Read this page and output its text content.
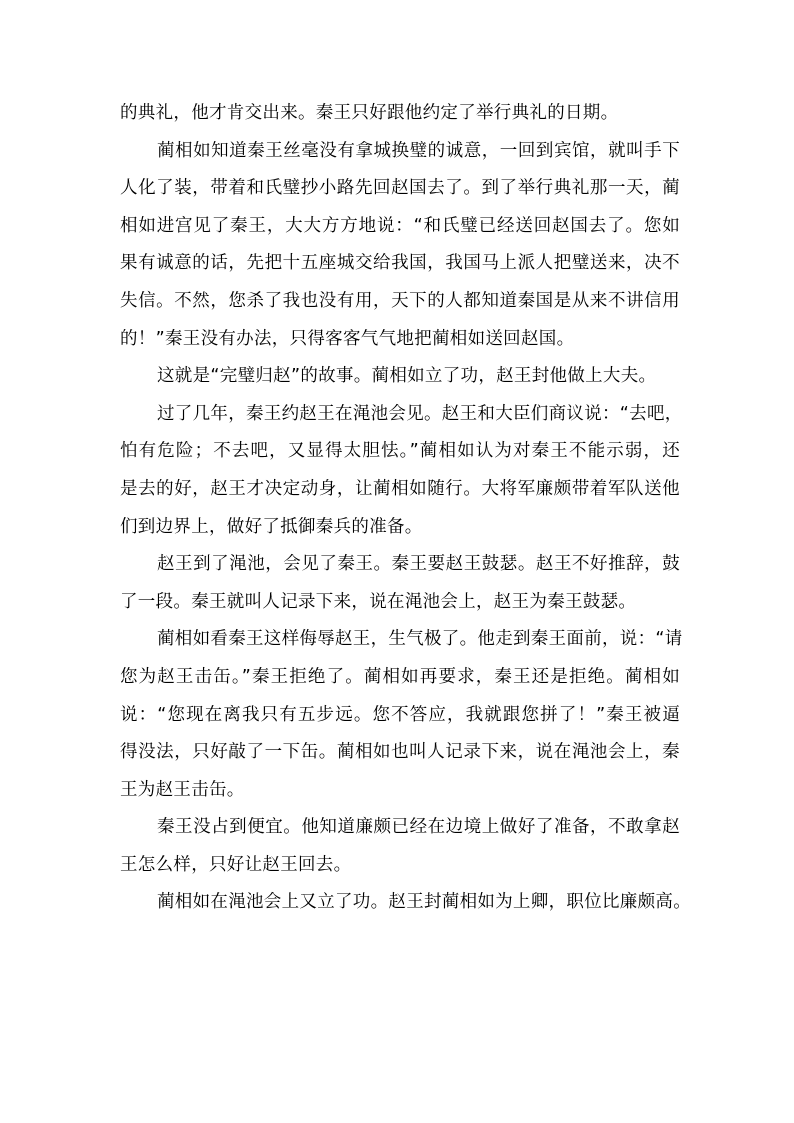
的典礼，他才肯交出来。秦王只好跟他约定了举行典礼的日期。
蔺相如知道秦王丝毫没有拿城换璧的诚意，一回到宾馆，就叫手下
人化了装，带着和氏璧抄小路先回赵国去了。到了举行典礼那一天，蔺
相如进宫见了秦王，大大方方地说：“和氏璧已经送回赵国去了。您如
果有诚意的话，先把十五座城交给我国，我国马上派人把璧送来，决不
失信。不然，您杀了我也没有用，天下的人都知道秦国是从来不讲信用
的！”秦王没有办法，只得客客气气地把蔺相如送回赵国。
这就是“完璧归赵”的故事。蔺相如立了功，赵王封他做上大夫。
过了几年，秦王约赵王在渑池会见。赵王和大臣们商议说：“去吧，
怕有危险；不去吧，又显得太胆怯。”蔺相如认为对秦王不能示弱，还
是去的好，赵王才决定动身，让蔺相如随行。大将军廉颇带着军队送他
们到边界上，做好了抵御秦兵的准备。
赵王到了渑池，会见了秦王。秦王要赵王鼓瑟。赵王不好推辞，鼓
了一段。秦王就叫人记录下来，说在渑池会上，赵王为秦王鼓瑟。
蔺相如看秦王这样侮辱赵王，生气极了。他走到秦王面前，说：“请
您为赵王击缶。”秦王拒绝了。蔺相如再要求，秦王还是拒绝。蔺相如
说：“您现在离我只有五步远。您不答应，我就跟您拼了！”秦王被逼
得没法，只好敲了一下缶。蔺相如也叫人记录下来，说在渑池会上，秦
王为赵王击缶。
秦王没占到便宜。他知道廉颇已经在边境上做好了准备，不敢拿赵
王怎么样，只好让赵王回去。
蔺相如在渑池会上又立了功。赵王封蔺相如为上卿，职位比廉颇高。
